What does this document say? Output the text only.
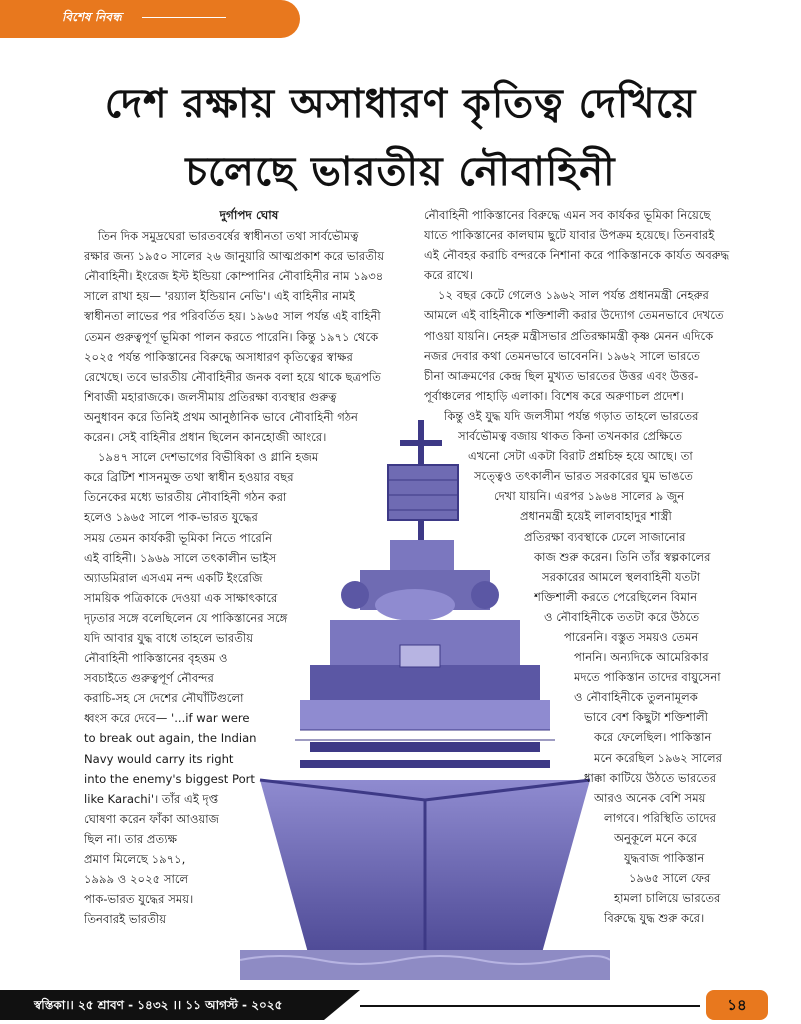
বিশেষ নিবন্ধ
দেশ রক্ষায় অসাধারণ কৃতিত্ব দেখিয়ে
চলেছে ভারতীয় নৌবাহিনী
দুর্গাপদ ঘোষ
তিন দিক সমুদ্রঘেরা ভারতবর্ষের স্বাধীনতা তথা সার্বভৌমত্ব
রক্ষার জন্য ১৯৫০ সালের ২৬ জানুয়ারি আত্মপ্রকাশ করে ভারতীয়
নৌবাহিনী। ইংরেজ ইস্ট ইন্ডিয়া কোম্পানির নৌবাহিনীর নাম ১৯৩৪
সালে রাখা হয়— 'রয়্যাল ইন্ডিয়ান নেভি'। এই বাহিনীর নামই
স্বাধীনতা লাভের পর পরিবর্তিত হয়। ১৯৬৫ সাল পর্যন্ত এই বাহিনী
তেমন গুরুত্বপূর্ণ ভূমিকা পালন করতে পারেনি। কিন্তু ১৯৭১ থেকে
২০২৫ পর্যন্ত পাকিস্তানের বিরুদ্ধে অসাধারণ কৃতিত্বের স্বাক্ষর
রেখেছে। তবে ভারতীয় নৌবাহিনীর জনক বলা হয়ে থাকে ছত্রপতি
শিবাজী মহারাজকে। জলসীমায় প্রতিরক্ষা ব্যবস্থার গুরুত্ব
অনুধাবন করে তিনিই প্রথম আনুষ্ঠানিক ভাবে নৌবাহিনী গঠন
করেন। সেই বাহিনীর প্রধান ছিলেন কানহোজী আংরে।
১৯৪৭ সালে দেশভাগের বিভীষিকা ও গ্লানি হজম
করে ব্রিটিশ শাসনমুক্ত তথা স্বাধীন হওয়ার বছর
তিনেকের মধ্যে ভারতীয় নৌবাহিনী গঠন করা
হলেও ১৯৬৫ সালে পাক-ভারত যুদ্ধের
সময় তেমন কার্যকরী ভূমিকা নিতে পারেনি
এই বাহিনী। ১৯৬৯ সালে তৎকালীন ভাইস
অ্যাডমিরাল এসএম নন্দ একটি ইংরেজি
সাময়িক পত্রিকাকে দেওয়া এক সাক্ষাৎকারে
দৃঢ়তার সঙ্গে বলেছিলেন যে পাকিস্তানের সঙ্গে
যদি আবার যুদ্ধ বাধে তাহলে ভারতীয়
নৌবাহিনী পাকিস্তানের বৃহত্তম ও
সবচাইতে গুরুত্বপূর্ণ নৌবন্দর
করাচি-সহ সে দেশের নৌঘাঁটিগুলো
ধ্বংস করে দেবে— '...if war were
to break out again, the Indian
Navy would carry its right
into the enemy's biggest Port
like Karachi'। তাঁর এই দৃপ্ত
ঘোষণা করেন ফাঁকা আওয়াজ
ছিল না। তার প্রত্যক্ষ
প্রমাণ মিলেছে ১৯৭১,
১৯৯৯ ও ২০২৫ সালে
পাক-ভারত যুদ্ধের সময়।
তিনবারই ভারতীয়
নৌবাহিনী পাকিস্তানের বিরুদ্ধে এমন সব কার্যকর ভূমিকা নিয়েছে
যাতে পাকিস্তানের কালঘাম ছুটে যাবার উপক্রম হয়েছে। তিনবারই
এই নৌবহর করাচি বন্দরকে নিশানা করে পাকিস্তানকে কার্যত অবরুদ্ধ
করে রাখে।
১২ বছর কেটে গেলেও ১৯৬২ সাল পর্যন্ত প্রধানমন্ত্রী নেহরুর
আমলে এই বাহিনীকে শক্তিশালী করার উদ্যোগ তেমনভাবে দেখতে
পাওয়া যায়নি। নেহরু মন্ত্রীসভার প্রতিরক্ষামন্ত্রী কৃষ্ণ মেনন এদিকে
নজর দেবার কথা তেমনভাবে ভাবেননি। ১৯৬২ সালে ভারতে
চীনা আক্রমণের কেন্দ্র ছিল মুখ্যত ভারতের উত্তর এবং উত্তর-
পূর্বাঞ্চলের পাহাড়ি এলাকা। বিশেষ করে অরুণাচল প্রদেশ।
কিন্তু ওই যুদ্ধ যদি জলসীমা পর্যন্ত গড়াত তাহলে ভারতের
সার্বভৌমত্ব বজায় থাকত কিনা তখনকার প্রেক্ষিতে
এখনো সেটা একটা বিরাট প্রশ্নচিহ্ন হয়ে আছে। তা
সত্ত্বেও তৎকালীন ভারত সরকারের ঘুম ভাঙতে
দেখা যায়নি। এরপর ১৯৬৪ সালের ৯ জুন
প্রধানমন্ত্রী হয়েই লালবাহাদুর শাস্ত্রী
প্রতিরক্ষা ব্যবস্থাকে ঢেলে সাজানোর
কাজ শুরু করেন। তিনি তাঁর স্বল্পকালের
সরকারের আমলে স্থলবাহিনী যতটা
শক্তিশালী করতে পেরেছিলেন বিমান
ও নৌবাহিনীকে ততটা করে উঠতে
পারেননি। বস্তুত সময়ও তেমন
পাননি। অন্যদিকে আমেরিকার
মদতে পাকিস্তান তাদের বায়ুসেনা
ও নৌবাহিনীকে তুলনামূলক
ভাবে বেশ কিছুটা শক্তিশালী
করে ফেলেছিল। পাকিস্তান
মনে করেছিল ১৯৬২ সালের
ধাক্কা কাটিয়ে উঠতে ভারতের
আরও অনেক বেশি সময়
লাগবে। পরিস্থিতি তাদের
অনুকূলে মনে করে
যুদ্ধবাজ পাকিস্তান
১৯৬৫ সালে ফের
হামলা চালিয়ে ভারতের
বিরুদ্ধে যুদ্ধ শুরু করে।
স্বস্তিকা।। ২৫ শ্রাবণ - ১৪৩২ ।। ১১ আগস্ট - ২০২৫	১৪
